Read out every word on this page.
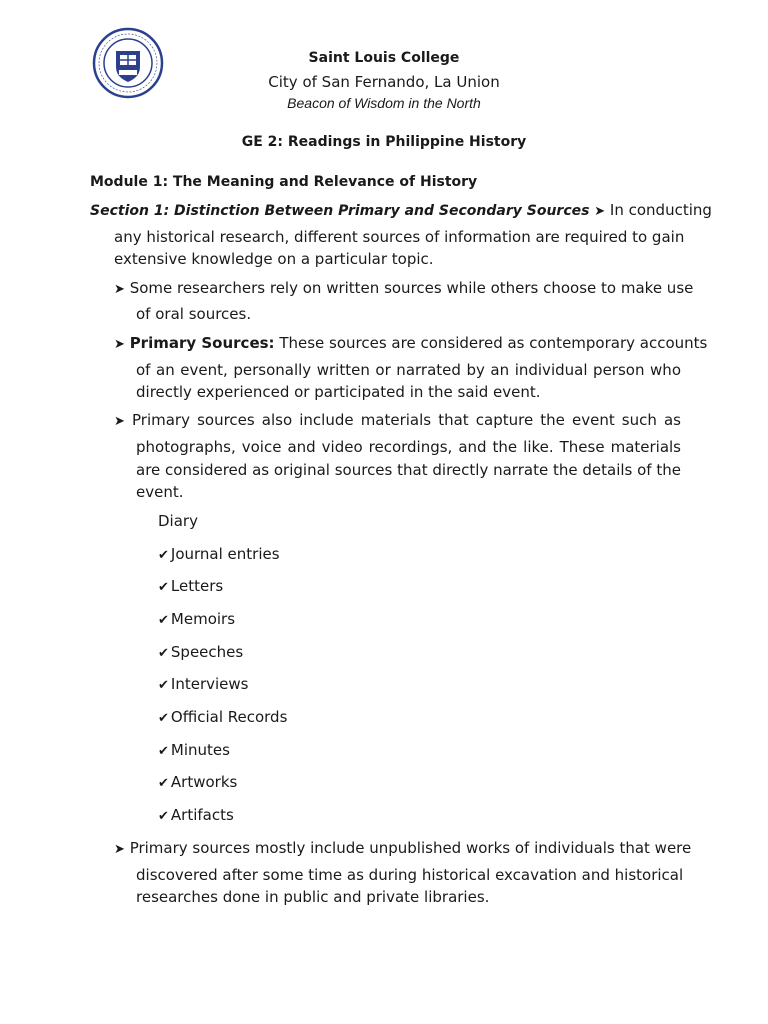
Saint Louis College
City of San Fernando, La Union
Beacon of Wisdom in the North
GE 2: Readings in Philippine History
Module 1: The Meaning and Relevance of History
Section 1: Distinction Between Primary and Secondary Sources ➤ In conducting
any historical research, different sources of information are required to gain
extensive knowledge on a particular topic.
➤ Some researchers rely on written sources while others choose to make use
of oral sources.
➤ Primary Sources: These sources are considered as contemporary accounts
of an event, personally written or narrated by an individual person who
directly experienced or participated in the said event.
➤ Primary sources also include materials that capture the event such as
photographs, voice and video recordings, and the like. These materials
are considered as original sources that directly narrate the details of the
event.
Diary
✔ Journal entries
✔ Letters
✔ Memoirs
✔ Speeches
✔ Interviews
✔ Official Records
✔ Minutes
✔ Artworks
✔ Artifacts
➤ Primary sources mostly include unpublished works of individuals that were
discovered after some time as during historical excavation and historical
researches done in public and private libraries.
